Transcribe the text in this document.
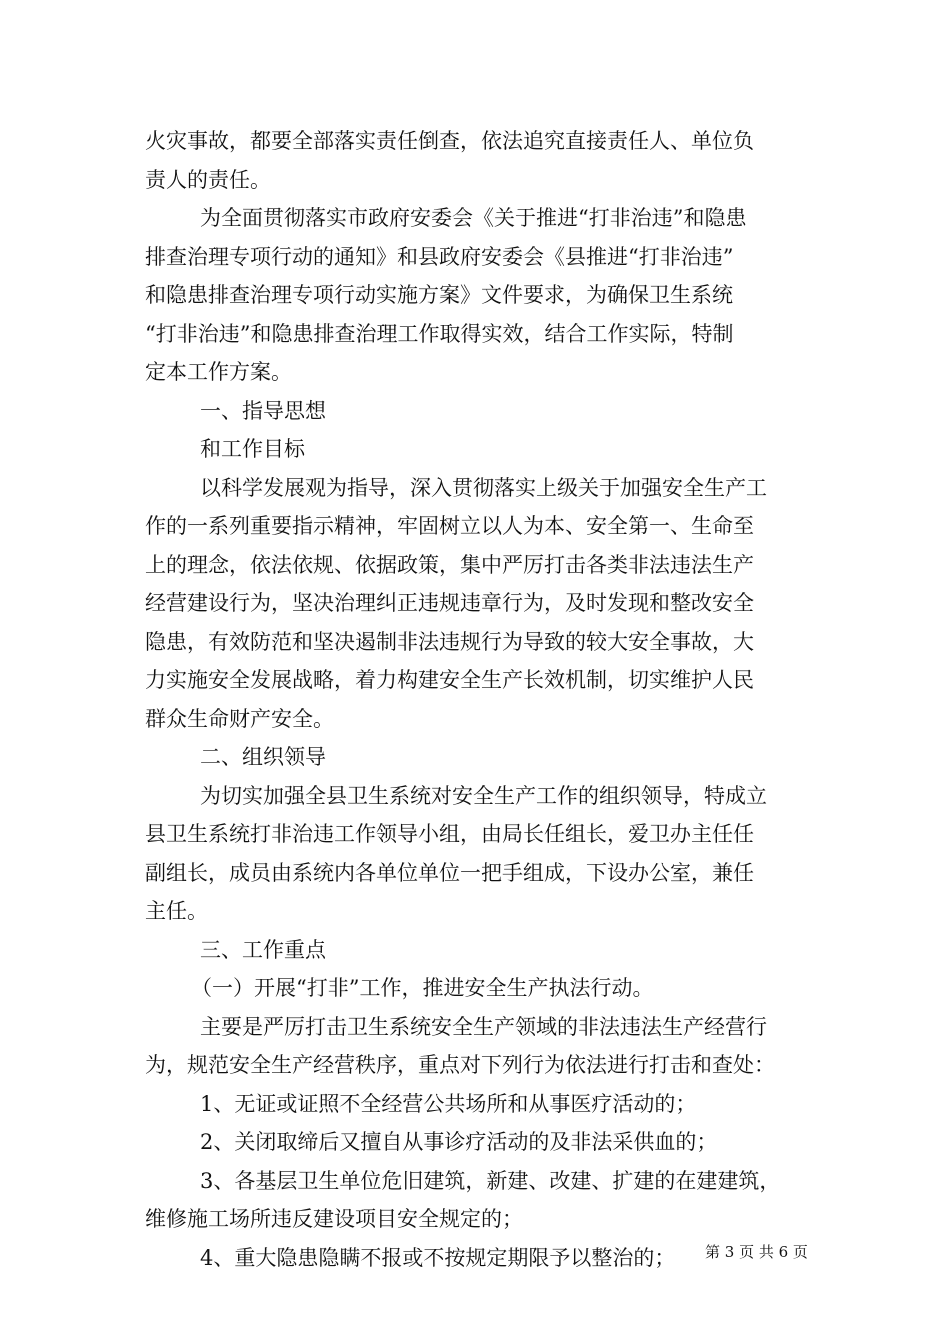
火灾事故，都要全部落实责任倒查，依法追究直接责任人、单位负
责人的责任。
为全面贯彻落实市政府安委会《关于推进“打非治违”和隐患
排查治理专项行动的通知》和县政府安委会《县推进“打非治违”
和隐患排查治理专项行动实施方案》文件要求，为确保卫生系统
“打非治违”和隐患排查治理工作取得实效，结合工作实际，特制
定本工作方案。
一、指导思想
和工作目标
以科学发展观为指导，深入贯彻落实上级关于加强安全生产工
作的一系列重要指示精神，牢固树立以人为本、安全第一、生命至
上的理念，依法依规、依据政策，集中严厉打击各类非法违法生产
经营建设行为，坚决治理纠正违规违章行为，及时发现和整改安全
隐患，有效防范和坚决遏制非法违规行为导致的较大安全事故，大
力实施安全发展战略，着力构建安全生产长效机制，切实维护人民
群众生命财产安全。
二、组织领导
为切实加强全县卫生系统对安全生产工作的组织领导，特成立
县卫生系统打非治违工作领导小组，由局长任组长，爱卫办主任任
副组长，成员由系统内各单位单位一把手组成，下设办公室，兼任
主任。
三、工作重点
（一）开展“打非”工作，推进安全生产执法行动。
主要是严厉打击卫生系统安全生产领域的非法违法生产经营行
为，规范安全生产经营秩序，重点对下列行为依法进行打击和查处：
1、无证或证照不全经营公共场所和从事医疗活动的；
2、关闭取缔后又擅自从事诊疗活动的及非法采供血的；
3、各基层卫生单位危旧建筑，新建、改建、扩建的在建建筑，
维修施工场所违反建设项目安全规定的；
4、重大隐患隐瞒不报或不按规定期限予以整治的；	第 3 页 共 6 页
